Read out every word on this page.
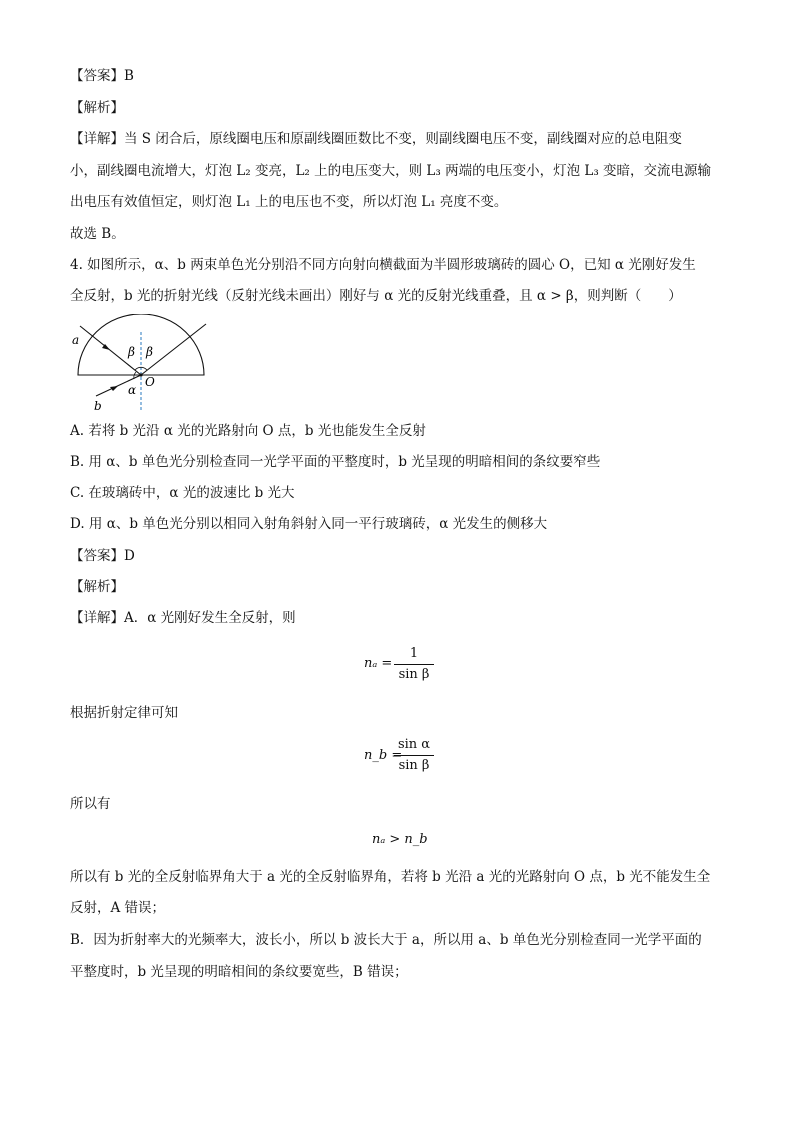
【答案】B
【解析】
【详解】当 S 闭合后，原线圈电压和原副线圈匝数比不变，则副线圈电压不变，副线圈对应的总电阻变
小，副线圈电流增大，灯泡 L₂ 变亮，L₂ 上的电压变大，则 L₃ 两端的电压变小，灯泡 L₃ 变暗，交流电源输
出电压有效值恒定，则灯泡 L₁ 上的电压也不变，所以灯泡 L₁ 亮度不变。
故选 B。
4. 如图所示，α、b 两束单色光分别沿不同方向射向横截面为半圆形玻璃砖的圆心 O，已知 α 光刚好发生
全反射，b 光的折射光线（反射光线未画出）刚好与 α 光的反射光线重叠，且 α > β，则判断（　　）
a
b
β β
α
O
A. 若将 b 光沿 α 光的光路射向 O 点，b 光也能发生全反射
B. 用 α、b 单色光分别检查同一光学平面的平整度时，b 光呈现的明暗相间的条纹要窄些
C. 在玻璃砖中，α 光的波速比 b 光大
D. 用 α、b 单色光分别以相同入射角斜射入同一平行玻璃砖，α 光发生的侧移大
【答案】D
【解析】
【详解】A．α 光刚好发生全反射，则
nₐ =
1
sin β
根据折射定律可知
n_b =
sin α
sin β
所以有
nₐ > n_b
所以有 b 光的全反射临界角大于 a 光的全反射临界角，若将 b 光沿 a 光的光路射向 O 点，b 光不能发生全
反射，A 错误；
B．因为折射率大的光频率大，波长小，所以 b 波长大于 a，所以用 a、b 单色光分别检查同一光学平面的
平整度时，b 光呈现的明暗相间的条纹要宽些，B 错误；
